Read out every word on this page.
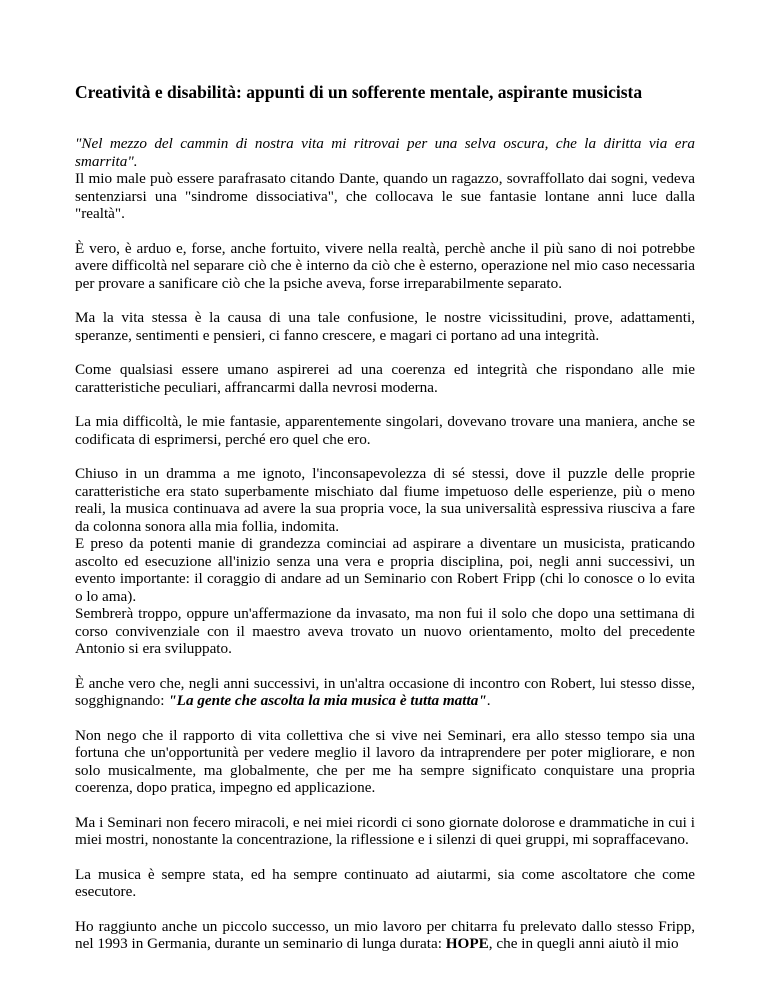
Creatività e disabilità: appunti di un sofferente mentale, aspirante musicista

"Nel mezzo del cammin di nostra vita mi ritrovai per una selva oscura, che la diritta via era smarrita".

Il mio male può essere parafrasato citando Dante, quando un ragazzo, sovraffollato dai sogni, vedeva sentenziarsi una "sindrome dissociativa", che collocava le sue fantasie lontane anni luce dalla "realtà".

È vero, è arduo e, forse, anche fortuito, vivere nella realtà, perchè anche il più sano di noi potrebbe avere difficoltà nel separare ciò che è interno da ciò che è esterno, operazione nel mio caso necessaria per provare a sanificare ciò che la psiche aveva, forse irreparabilmente separato.

Ma la vita stessa è la causa di una tale confusione, le nostre vicissitudini, prove, adattamenti, speranze, sentimenti e pensieri, ci fanno crescere, e magari ci portano ad una integrità.

Come qualsiasi essere umano aspirerei ad una coerenza ed integrità che rispondano alle mie caratteristiche peculiari, affrancarmi dalla nevrosi moderna.

La mia difficoltà, le mie fantasie, apparentemente singolari, dovevano trovare una maniera, anche se codificata di esprimersi, perché ero quel che ero.

Chiuso in un dramma a me ignoto, l'inconsapevolezza di sé stessi, dove il puzzle delle proprie caratteristiche era stato superbamente mischiato dal fiume impetuoso delle esperienze, più o meno reali, la musica continuava ad avere la sua propria voce, la sua universalità espressiva riusciva a fare da colonna sonora alla mia follia, indomita.

E preso da potenti manie di grandezza cominciai ad aspirare a diventare un musicista, praticando ascolto ed esecuzione all'inizio senza una vera e propria disciplina, poi, negli anni successivi, un evento importante: il coraggio di andare ad un Seminario con Robert Fripp (chi lo conosce o lo evita o lo ama).

Sembrerà troppo, oppure un'affermazione da invasato, ma non fui il solo che dopo una settimana di corso convivenziale con il maestro aveva trovato un nuovo orientamento, molto del precedente Antonio si era sviluppato.

È anche vero che, negli anni successivi, in un'altra occasione di incontro con Robert, lui stesso disse, sogghignando: "La gente che ascolta la mia musica è tutta matta".

Non nego che il rapporto di vita collettiva che si vive nei Seminari, era allo stesso tempo sia una fortuna che un'opportunità per vedere meglio il lavoro da intraprendere per poter migliorare, e non solo musicalmente, ma globalmente, che per me ha sempre significato conquistare una propria coerenza, dopo pratica, impegno ed applicazione.

Ma i Seminari non fecero miracoli, e nei miei ricordi ci sono giornate dolorose e drammatiche in cui i miei mostri, nonostante la concentrazione, la riflessione e i silenzi di quei gruppi, mi sopraffacevano.

La musica è sempre stata, ed ha sempre continuato ad aiutarmi, sia come ascoltatore che come esecutore.

Ho raggiunto anche un piccolo successo, un mio lavoro per chitarra fu prelevato dallo stesso Fripp, nel 1993 in Germania, durante un seminario di lunga durata: HOPE, che in quegli anni aiutò il mio
